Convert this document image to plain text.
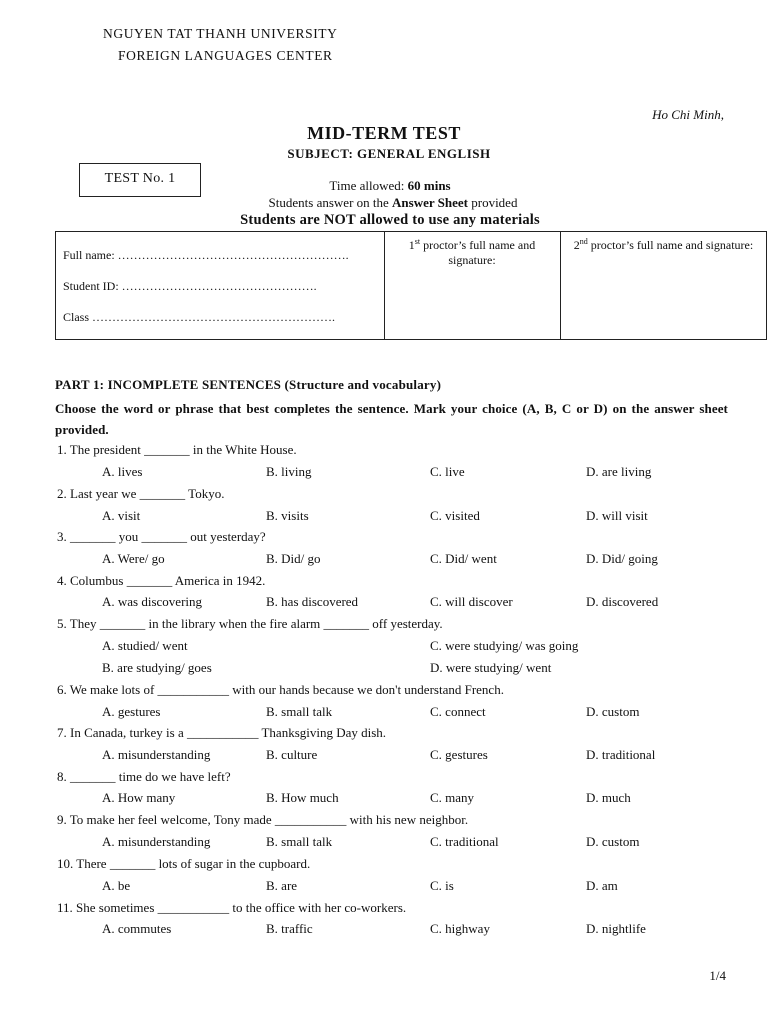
NGUYEN TAT THANH UNIVERSITY
FOREIGN LANGUAGES CENTER
Ho Chi Minh,
MID-TERM TEST
SUBJECT: GENERAL ENGLISH
TEST No. 1	Time allowed: 60 mins
Students answer on the Answer Sheet provided
Students are NOT allowed to use any materials
Full name: ………………………………………………….
Student ID: ………………………………………….
Class …………………………………………………….
1st proctor’s full name and signature:
2nd proctor’s full name and signature:
PART 1: INCOMPLETE SENTENCES (Structure and vocabulary)
Choose the word or phrase that best completes the sentence. Mark your choice (A, B, C or D) on the answer sheet provided.
1. The president _______ in the White House.
A. lives	B. living	C. live	D. are living
2. Last year we _______ Tokyo.
A. visit	B. visits	C. visited	D. will visit
3. _______ you _______ out yesterday?
A. Were/ go	B. Did/ go	C. Did/ went	D. Did/ going
4. Columbus _______ America in 1942.
A. was discovering	B. has discovered	C. will discover	D. discovered
5. They _______ in the library when the fire alarm _______ off yesterday.
A. studied/ went	C. were studying/ was going
B. are studying/ goes	D. were studying/ went
6. We make lots of ___________ with our hands because we don't understand French.
A. gestures	B. small talk	C. connect	D. custom
7. In Canada, turkey is a ___________ Thanksgiving Day dish.
A. misunderstanding	B. culture	C. gestures	D. traditional
8. _______ time do we have left?
A. How many	B. How much	C. many	D. much
9. To make her feel welcome, Tony made ___________ with his new neighbor.
A. misunderstanding	B. small talk	C. traditional	D. custom
10. There _______ lots of sugar in the cupboard.
A. be	B. are	C. is	D. am
11. She sometimes ___________ to the office with her co-workers.
A. commutes	B. traffic	C. highway	D. nightlife
1/4
